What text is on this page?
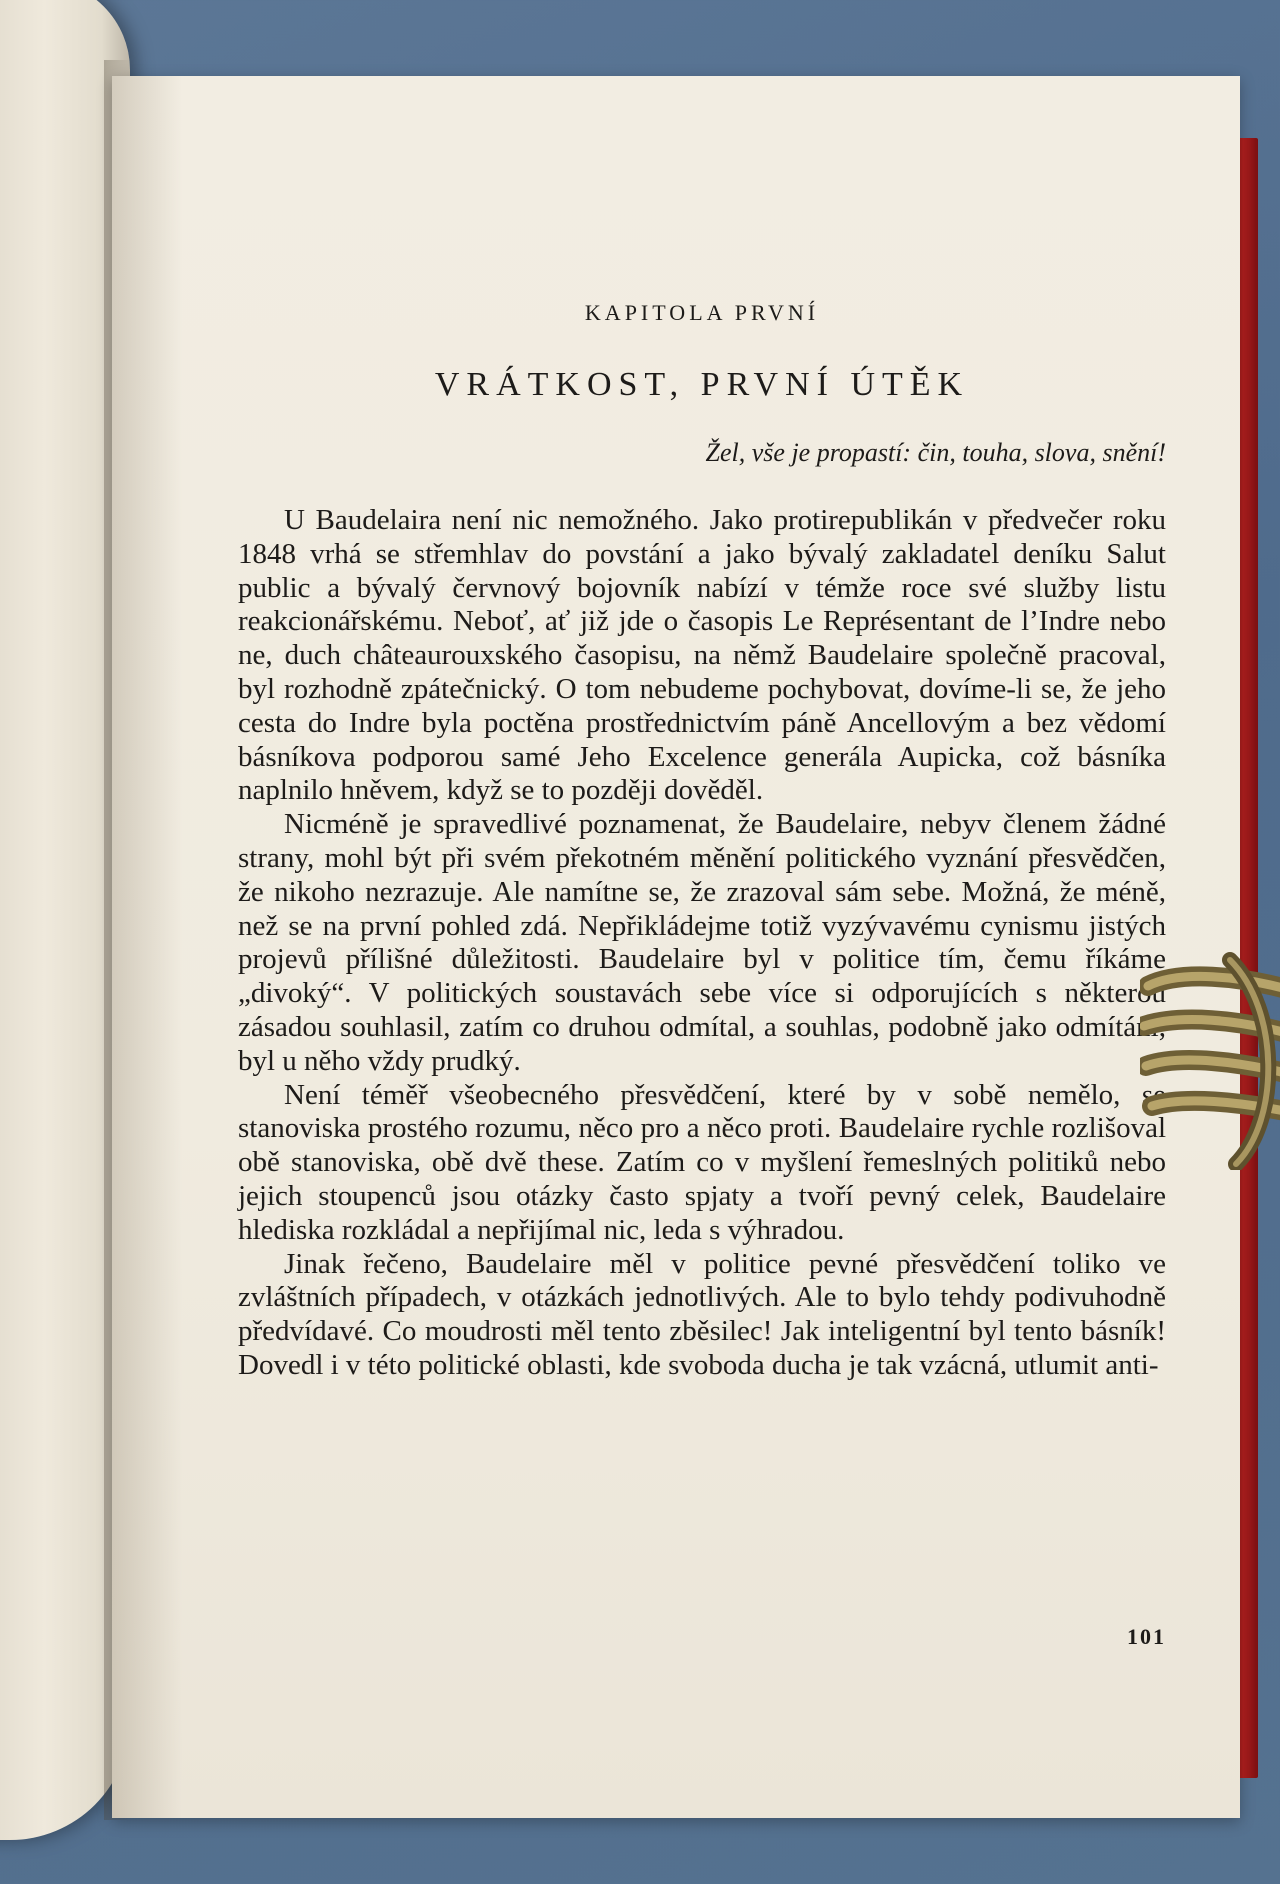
KAPITOLA PRVNÍ
VRÁTKOST, PRVNÍ ÚTĚK
Žel, vše je propastí: čin, touha, slova, snění!

U Baudelaira není nic nemožného. Jako protirepublikán v předvečer roku 1848 vrhá se střemhlav do povstání a jako bývalý zakladatel deníku Salut public a bývalý červnový bojovník nabízí v témže roce své služby listu reakcionářskému. Neboť, ať již jde o časopis Le Représentant de l’Indre nebo ne, duch châteaurouxského časopisu, na němž Baudelaire společně pracoval, byl rozhodně zpátečnický. O tom nebudeme pochybovat, dovíme-li se, že jeho cesta do Indre byla poctěna prostřednictvím páně Ancellovým a bez vědomí básníkova podporou samé Jeho Excelence generála Aupicka, což básníka naplnilo hněvem, když se to později dověděl.

Nicméně je spravedlivé poznamenat, že Baudelaire, nebyv členem žádné strany, mohl být při svém překotném měnění politického vyznání přesvědčen, že nikoho nezrazuje. Ale namítne se, že zrazoval sám sebe. Možná, že méně, než se na první pohled zdá. Nepřikládejme totiž vyzývavému cynismu jistých projevů přílišné důležitosti. Baudelaire byl v politice tím, čemu říkáme „divoký“. V politických soustavách sebe více si odporujících s některou zásadou souhlasil, zatím co druhou odmítal, a souhlas, podobně jako odmítání, byl u něho vždy prudký.

Není téměř všeobecného přesvědčení, které by v sobě nemělo, se stanoviska prostého rozumu, něco pro a něco proti. Baudelaire rychle rozlišoval obě stanoviska, obě dvě these. Zatím co v myšlení řemeslných politiků nebo jejich stoupenců jsou otázky často spjaty a tvoří pevný celek, Baudelaire hlediska rozkládal a nepřijímal nic, leda s výhradou.

Jinak řečeno, Baudelaire měl v politice pevné přesvědčení toliko ve zvláštních případech, v otázkách jednotlivých. Ale to bylo tehdy podivuhodně předvídavé. Co moudrosti měl tento zběsilec! Jak inteligentní byl tento básník! Dovedl i v této politické oblasti, kde svoboda ducha je tak vzácná, utlumit anti-

101
